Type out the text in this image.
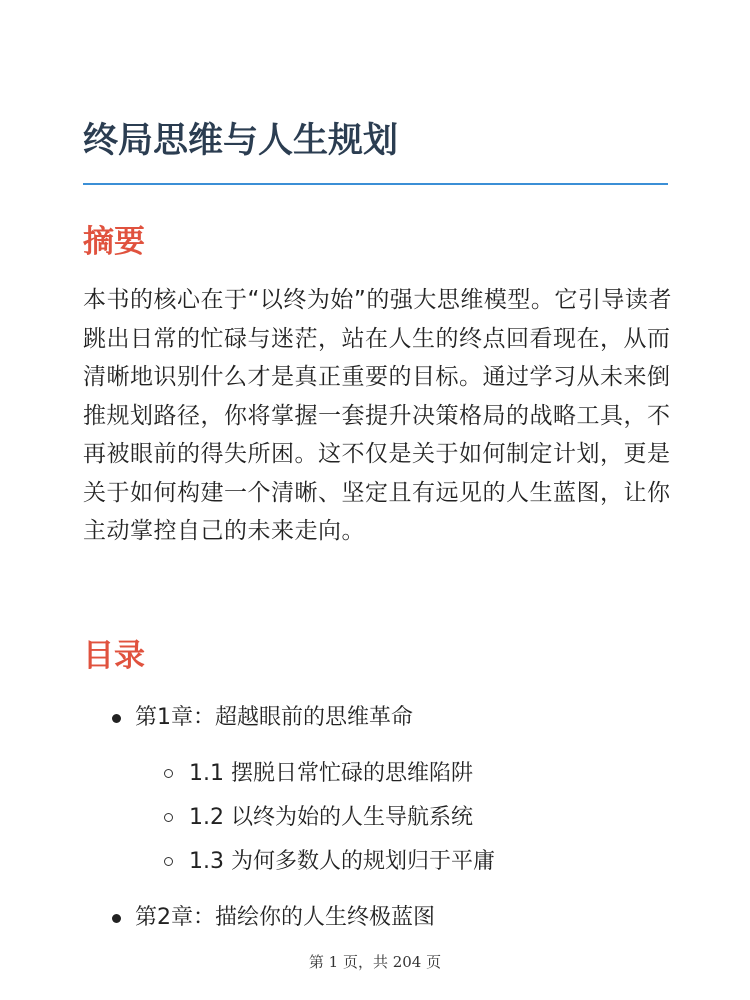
终局思维与人生规划
摘要

本书的核心在于“以终为始”的强大思维模型。它引导读者跳出日常的忙碌与迷茫，站在人生的终点回看现在，从而清晰地识别什么才是真正重要的目标。通过学习从未来倒推规划路径，你将掌握一套提升决策格局的战略工具，不再被眼前的得失所困。这不仅是关于如何制定计划，更是关于如何构建一个清晰、坚定且有远见的人生蓝图，让你主动掌控自己的未来走向。

目录
第1章：超越眼前的思维革命
1.1 摆脱日常忙碌的思维陷阱
1.2 以终为始的人生导航系统
1.3 为何多数人的规划归于平庸
第2章：描绘你的人生终极蓝图
第 1 页，共 204 页
